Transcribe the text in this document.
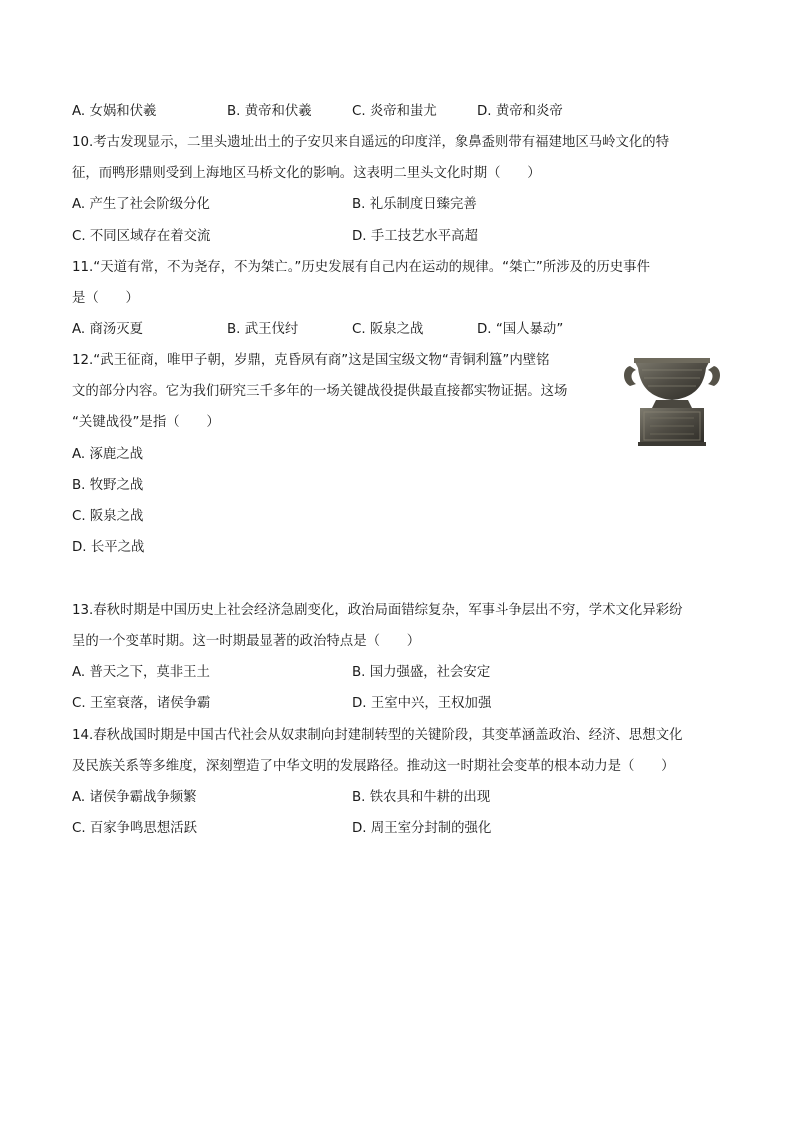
A. 女娲和伏羲	B. 黄帝和伏羲	C. 炎帝和蚩尤	D. 黄帝和炎帝
10.考古发现显示，二里头遗址出土的子安贝来自遥远的印度洋，象鼻盉则带有福建地区马岭文化的特
征，而鸭形鼎则受到上海地区马桥文化的影响。这表明二里头文化时期（　　）
A. 产生了社会阶级分化	B. 礼乐制度日臻完善
C. 不同区域存在着交流	D. 手工技艺水平高超
11.“天道有常，不为尧存，不为桀亡。”历史发展有自己内在运动的规律。“桀亡”所涉及的历史事件
是（　　）
A. 商汤灭夏	B. 武王伐纣	C. 阪泉之战	D. “国人暴动”
12.“武王征商，唯甲子朝，岁鼎，克昏夙有商”这是国宝级文物“青铜利簋”内壁铭
文的部分内容。它为我们研究三千多年的一场关键战役提供最直接都实物证据。这场
“关键战役”是指（　　）
A. 涿鹿之战
B. 牧野之战
C. 阪泉之战
D. 长平之战
13.春秋时期是中国历史上社会经济急剧变化，政治局面错综复杂，军事斗争层出不穷，学术文化异彩纷
呈的一个变革时期。这一时期最显著的政治特点是（　　）
A. 普天之下，莫非王土	B. 国力强盛，社会安定
C. 王室衰落，诸侯争霸	D. 王室中兴，王权加强
14.春秋战国时期是中国古代社会从奴隶制向封建制转型的关键阶段，其变革涵盖政治、经济、思想文化
及民族关系等多维度，深刻塑造了中华文明的发展路径。推动这一时期社会变革的根本动力是（　　）
A. 诸侯争霸战争频繁	B. 铁农具和牛耕的出现
C. 百家争鸣思想活跃	D. 周王室分封制的强化
